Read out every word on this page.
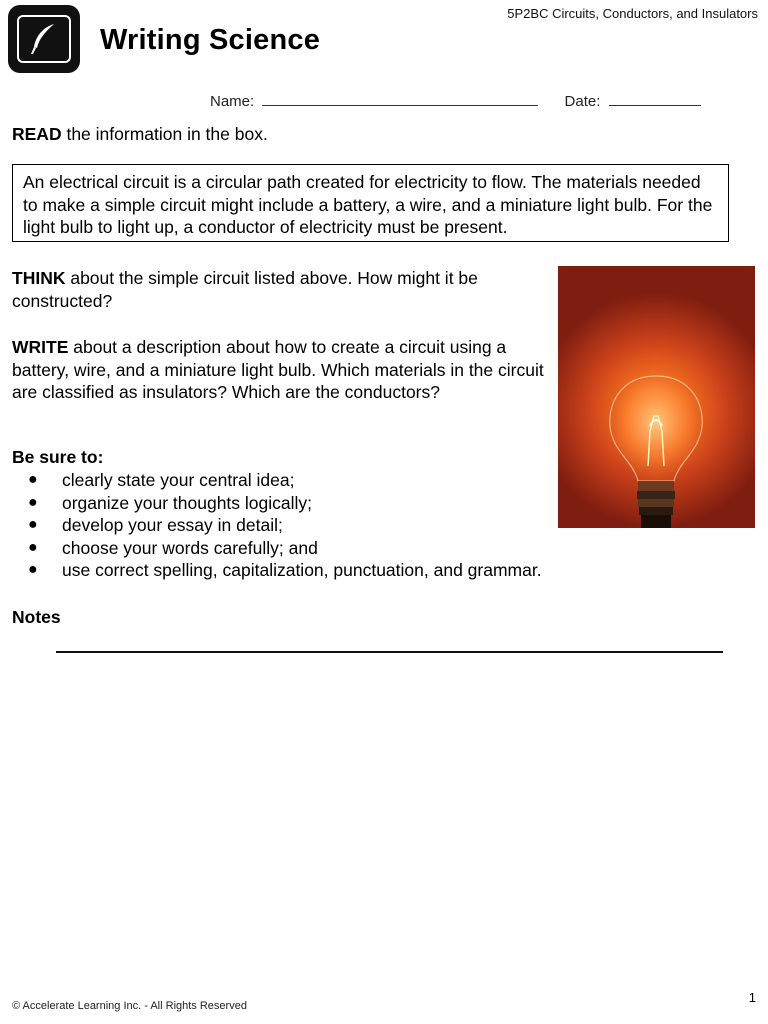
5P2BC Circuits, Conductors, and Insulators
Writing Science
Name:	Date:
READ the information in the box.
An electrical circuit is a circular path created for electricity to flow. The materials needed to make a simple circuit might include a battery, a wire, and a miniature light bulb. For the light bulb to light up, a conductor of electricity must be present.
THINK about the simple circuit listed above. How might it be constructed?
WRITE about a description about how to create a circuit using a battery, wire, and a miniature light bulb. Which materials in the circuit are classified as insulators? Which are the conductors?
Be sure to:
● clearly state your central idea;
● organize your thoughts logically;
● develop your essay in detail;
● choose your words carefully; and
● use correct spelling, capitalization, punctuation, and grammar.
Notes
© Accelerate Learning Inc. - All Rights Reserved
1
